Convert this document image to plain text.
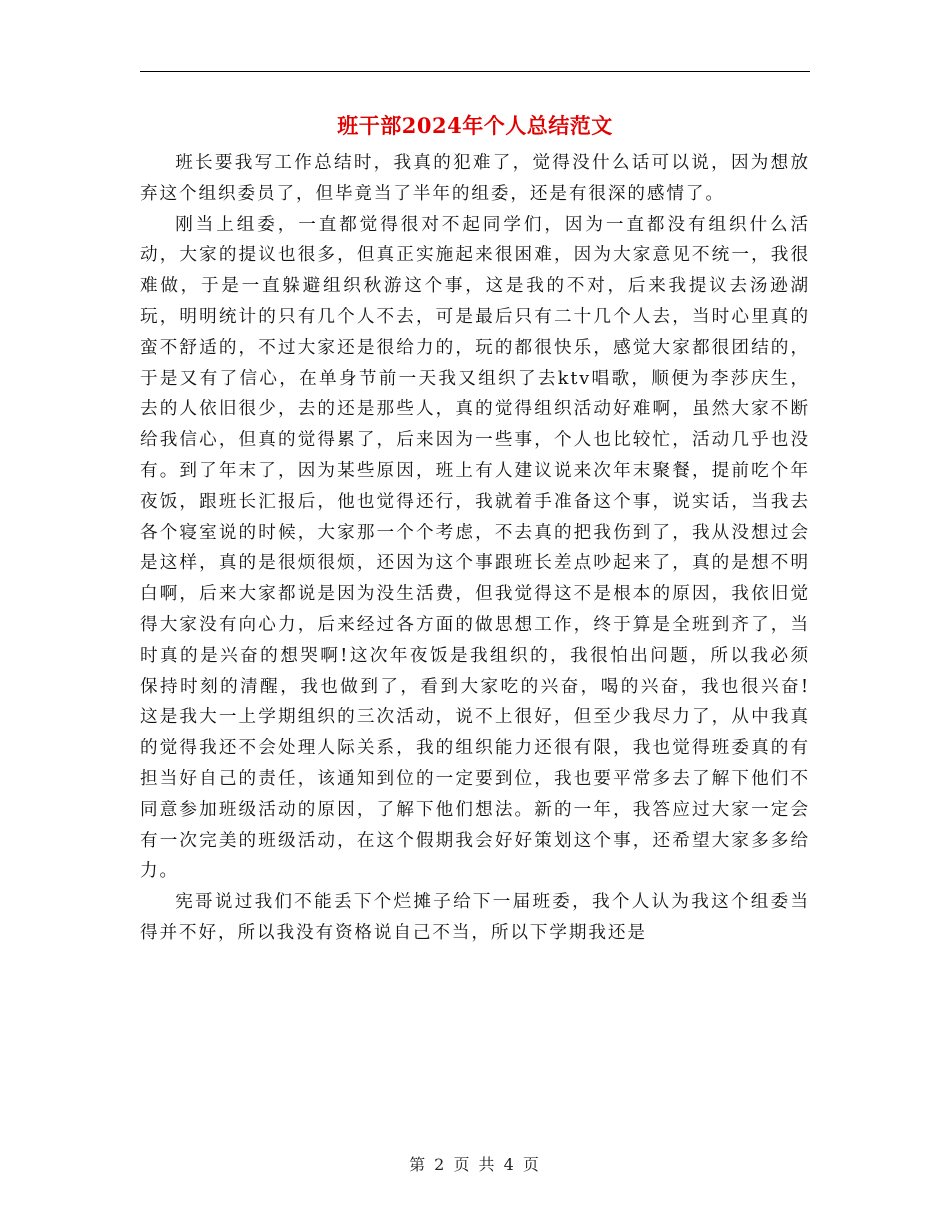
班干部2024年个人总结范文

班长要我写工作总结时，我真的犯难了，觉得没什么话可以说，因为想放弃这个组织委员了，但毕竟当了半年的组委，还是有很深的感情了。

刚当上组委，一直都觉得很对不起同学们，因为一直都没有组织什么活动，大家的提议也很多，但真正实施起来很困难，因为大家意见不统一，我很难做，于是一直躲避组织秋游这个事，这是我的不对，后来我提议去汤逊湖玩，明明统计的只有几个人不去，可是最后只有二十几个人去，当时心里真的蛮不舒适的，不过大家还是很给力的，玩的都很快乐，感觉大家都很团结的，于是又有了信心，在单身节前一天我又组织了去ktv唱歌，顺便为李莎庆生，去的人依旧很少，去的还是那些人，真的觉得组织活动好难啊，虽然大家不断给我信心，但真的觉得累了，后来因为一些事，个人也比较忙，活动几乎也没有。到了年末了，因为某些原因，班上有人建议说来次年末聚餐，提前吃个年夜饭，跟班长汇报后，他也觉得还行，我就着手准备这个事，说实话，当我去各个寝室说的时候，大家那一个个考虑，不去真的把我伤到了，我从没想过会是这样，真的是很烦很烦，还因为这个事跟班长差点吵起来了，真的是想不明白啊，后来大家都说是因为没生活费，但我觉得这不是根本的原因，我依旧觉得大家没有向心力，后来经过各方面的做思想工作，终于算是全班到齐了，当时真的是兴奋的想哭啊!这次年夜饭是我组织的，我很怕出问题，所以我必须保持时刻的清醒，我也做到了，看到大家吃的兴奋，喝的兴奋，我也很兴奋!这是我大一上学期组织的三次活动，说不上很好，但至少我尽力了，从中我真的觉得我还不会处理人际关系，我的组织能力还很有限，我也觉得班委真的有担当好自己的责任，该通知到位的一定要到位，我也要平常多去了解下他们不同意参加班级活动的原因，了解下他们想法。新的一年，我答应过大家一定会有一次完美的班级活动，在这个假期我会好好策划这个事，还希望大家多多给力。

宪哥说过我们不能丢下个烂摊子给下一届班委，我个人认为我这个组委当得并不好，所以我没有资格说自己不当，所以下学期我还是

第 2 页 共 4 页
